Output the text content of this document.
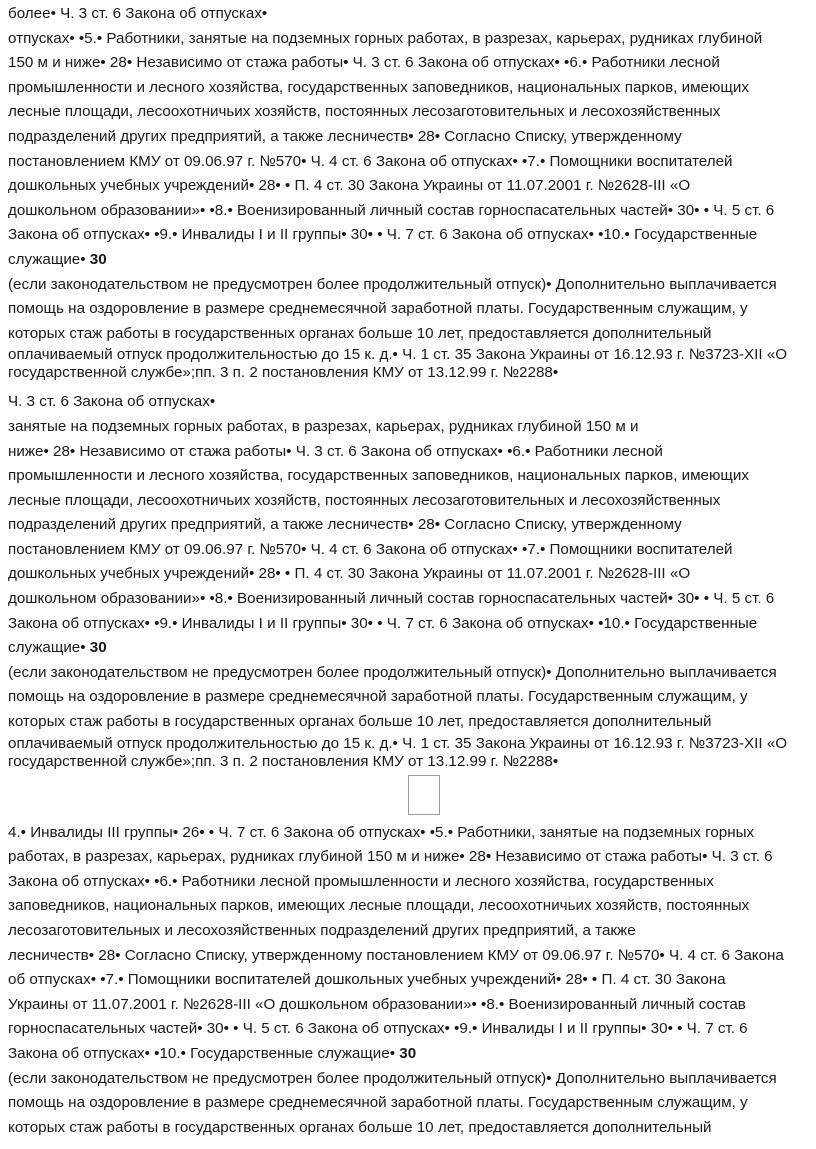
более• Ч. 3 ст. 6 Закона об отпусках•
отпусках• •5.• Работники, занятые на подземных горных работах, в разрезах, карьерах, рудниках глубиной
150 м и ниже• 28• Независимо от стажа работы• Ч. 3 ст. 6 Закона об отпусках• •6.• Работники лесной
промышленности и лесного хозяйства, государственных заповедников, национальных парков, имеющих
лесные площади, лесоохотничьих хозяйств, постоянных лесозаготовительных и лесохозяйственных
подразделений других предприятий, а также лесничеств• 28• Согласно Списку, утвержденному
постановлением КМУ от 09.06.97 г. №570• Ч. 4 ст. 6 Закона об отпусках• •7.• Помощники воспитателей
дошкольных учебных учреждений• 28• • П. 4 ст. 30 Закона Украины от 11.07.2001 г. №2628-III «О
дошкольном образовании»• •8.• Военизированный личный состав горноспасательных частей• 30• • Ч. 5 ст. 6
Закона об отпусках• •9.• Инвалиды I и II группы• 30• • Ч. 7 ст. 6 Закона об отпусках• •10.• Государственные
служащие• 30
(если законодательством не предусмотрен более продолжительный отпуск)• Дополнительно выплачивается
помощь на оздоровление в размере среднемесячной заработной платы. Государственным служащим, у
которых стаж работы в государственных органах больше 10 лет, предоставляется дополнительный
оплачиваемый отпуск продолжительностью до 15 к. д.• Ч. 1 ст. 35 Закона Украины от 16.12.93 г. №3723-XII «О
государственной службе»;пп. 3 п. 2 постановления КМУ от 13.12.99 г. №2288•
Ч. 3 ст. 6 Закона об отпусках•
занятые на подземных горных работах, в разрезах, карьерах, рудниках глубиной 150 м и
ниже• 28• Независимо от стажа работы• Ч. 3 ст. 6 Закона об отпусках• •6.• Работники лесной
промышленности и лесного хозяйства, государственных заповедников, национальных парков, имеющих
лесные площади, лесоохотничьих хозяйств, постоянных лесозаготовительных и лесохозяйственных
подразделений других предприятий, а также лесничеств• 28• Согласно Списку, утвержденному
постановлением КМУ от 09.06.97 г. №570• Ч. 4 ст. 6 Закона об отпусках• •7.• Помощники воспитателей
дошкольных учебных учреждений• 28• • П. 4 ст. 30 Закона Украины от 11.07.2001 г. №2628-III «О
дошкольном образовании»• •8.• Военизированный личный состав горноспасательных частей• 30• • Ч. 5 ст. 6
Закона об отпусках• •9.• Инвалиды I и II группы• 30• • Ч. 7 ст. 6 Закона об отпусках• •10.• Государственные
служащие• 30
(если законодательством не предусмотрен более продолжительный отпуск)• Дополнительно выплачивается
помощь на оздоровление в размере среднемесячной заработной платы. Государственным служащим, у
которых стаж работы в государственных органах больше 10 лет, предоставляется дополнительный
оплачиваемый отпуск продолжительностью до 15 к. д.• Ч. 1 ст. 35 Закона Украины от 16.12.93 г. №3723-XII «О
государственной службе»;пп. 3 п. 2 постановления КМУ от 13.12.99 г. №2288•
4.• Инвалиды III группы• 26• • Ч. 7 ст. 6 Закона об отпусках• •5.• Работники, занятые на подземных горных
работах, в разрезах, карьерах, рудниках глубиной 150 м и ниже• 28• Независимо от стажа работы• Ч. 3 ст. 6
Закона об отпусках• •6.• Работники лесной промышленности и лесного хозяйства, государственных
заповедников, национальных парков, имеющих лесные площади, лесоохотничьих хозяйств, постоянных
лесозаготовительных и лесохозяйственных подразделений других предприятий, а также
лесничеств• 28• Согласно Списку, утвержденному постановлением КМУ от 09.06.97 г. №570• Ч. 4 ст. 6 Закона
об отпусках• •7.• Помощники воспитателей дошкольных учебных учреждений• 28• • П. 4 ст. 30 Закона
Украины от 11.07.2001 г. №2628-III «О дошкольном образовании»• •8.• Военизированный личный состав
горноспасательных частей• 30• • Ч. 5 ст. 6 Закона об отпусках• •9.• Инвалиды I и II группы• 30• • Ч. 7 ст. 6
Закона об отпусках• •10.• Государственные служащие• 30
(если законодательством не предусмотрен более продолжительный отпуск)• Дополнительно выплачивается
помощь на оздоровление в размере среднемесячной заработной платы. Государственным служащим, у
которых стаж работы в государственных органах больше 10 лет, предоставляется дополнительный
